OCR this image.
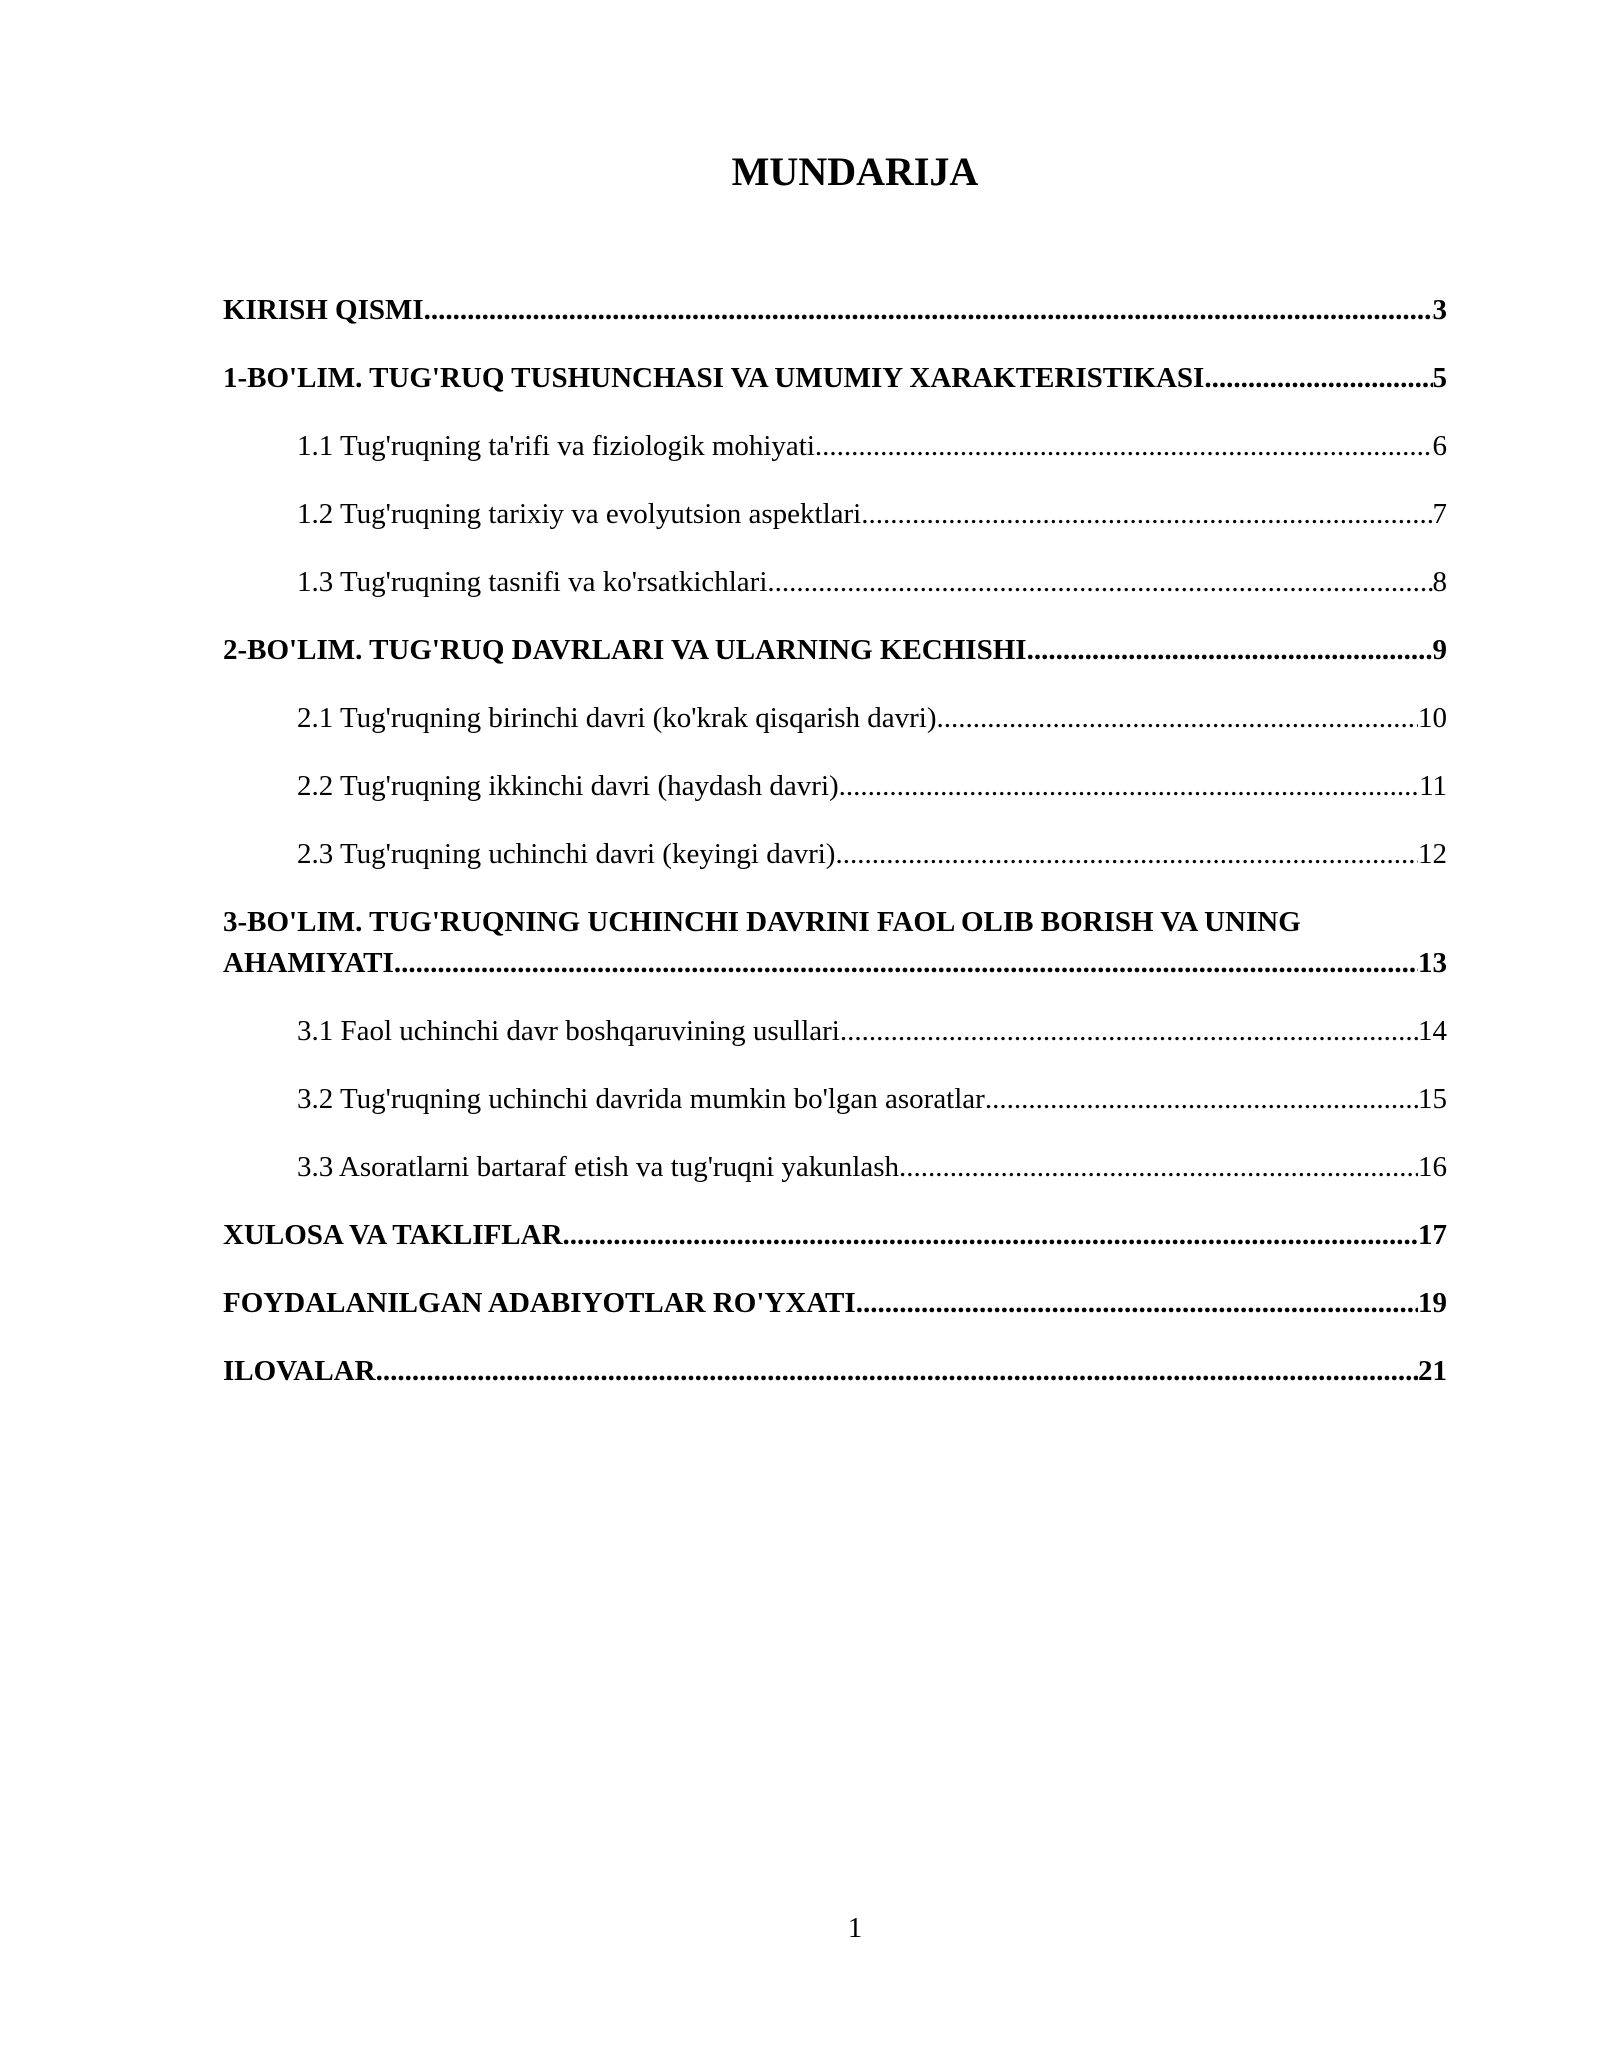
MUNDARIJA
KIRISH QISMI .....	3
1-BO'LIM. TUG'RUQ TUSHUNCHASI VA UMUMIY XARAKTERISTIKASI .....	5
1.1 Tug'ruqning ta'rifi va fiziologik mohiyati .....	6
1.2 Tug'ruqning tarixiy va evolyutsion aspektlari .....	7
1.3 Tug'ruqning tasnifi va ko'rsatkichlari .....	8
2-BO'LIM. TUG'RUQ DAVRLARI VA ULARNING KECHISHI .....	9
2.1 Tug'ruqning birinchi davri (ko'krak qisqarish davri) .....	10
2.2 Tug'ruqning ikkinchi davri (haydash davri) .....	11
2.3 Tug'ruqning uchinchi davri (keyingi davri) .....	12
3-BO'LIM. TUG'RUQNING UCHINCHI DAVRINI FAOL OLIB BORISH VA UNING
AHAMIYATI .....	13
3.1 Faol uchinchi davr boshqaruvining usullari .....	14
3.2 Tug'ruqning uchinchi davrida mumkin bo'lgan asoratlar .....	15
3.3 Asoratlarni bartaraf etish va tug'ruqni yakunlash .....	16
XULOSA VA TAKLIFLAR .....	17
FOYDALANILGAN ADABIYOTLAR RO'YXATI .....	19
ILOVALAR .....	21
1
